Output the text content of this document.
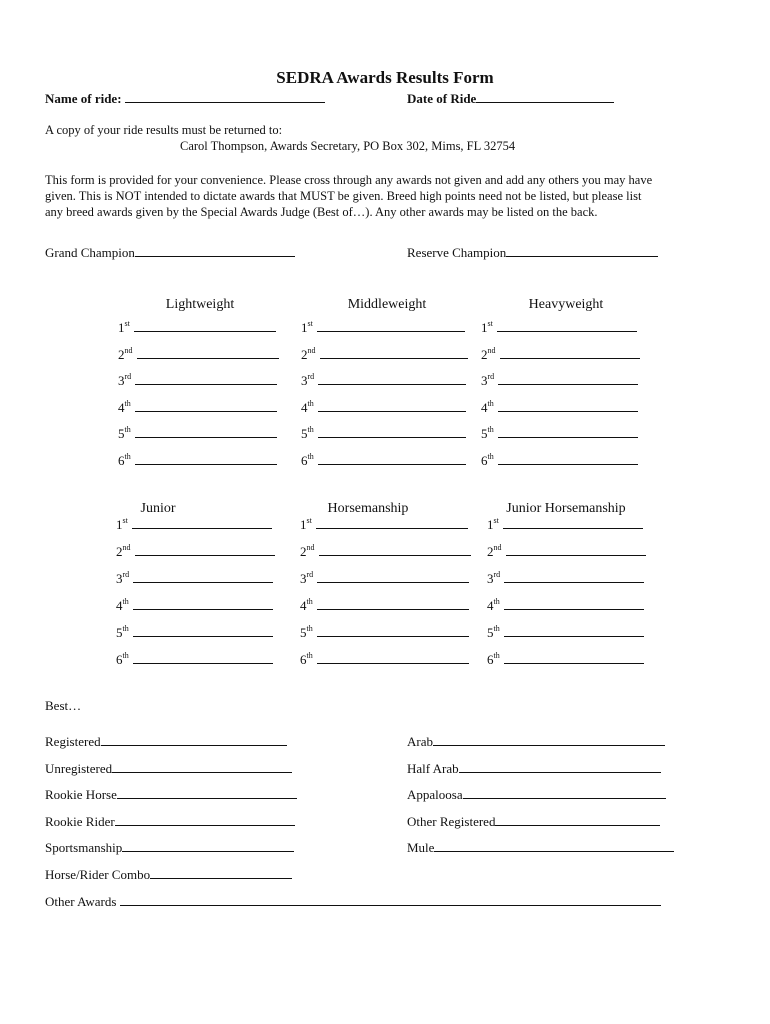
SEDRA Awards Results Form
Name of ride:	Date of Ride
A copy of your ride results must be returned to:
Carol Thompson, Awards Secretary, PO Box 302, Mims, FL 32754
This form is provided for your convenience. Please cross through any awards not given and add any others you may have
given. This is NOT intended to dictate awards that MUST be given. Breed high points need not be listed, but please list
any breed awards given by the Special Awards Judge (Best of…). Any other awards may be listed on the back.
Grand Champion	Reserve Champion
Lightweight
1st
2nd
3rd
4th
5th
6th
Middleweight
1st
2nd
3rd
4th
5th
6th
Heavyweight
1st
2nd
3rd
4th
5th
6th
Junior
1st
2nd
3rd
4th
5th
6th
Horsemanship
1st
2nd
3rd
4th
5th
6th
Junior Horsemanship
1st
2nd
3rd
4th
5th
6th
Best…
Registered
Unregistered
Rookie Horse
Rookie Rider
Sportsmanship
Horse/Rider Combo
Arab
Half Arab
Appaloosa
Other Registered
Mule
Other Awards
